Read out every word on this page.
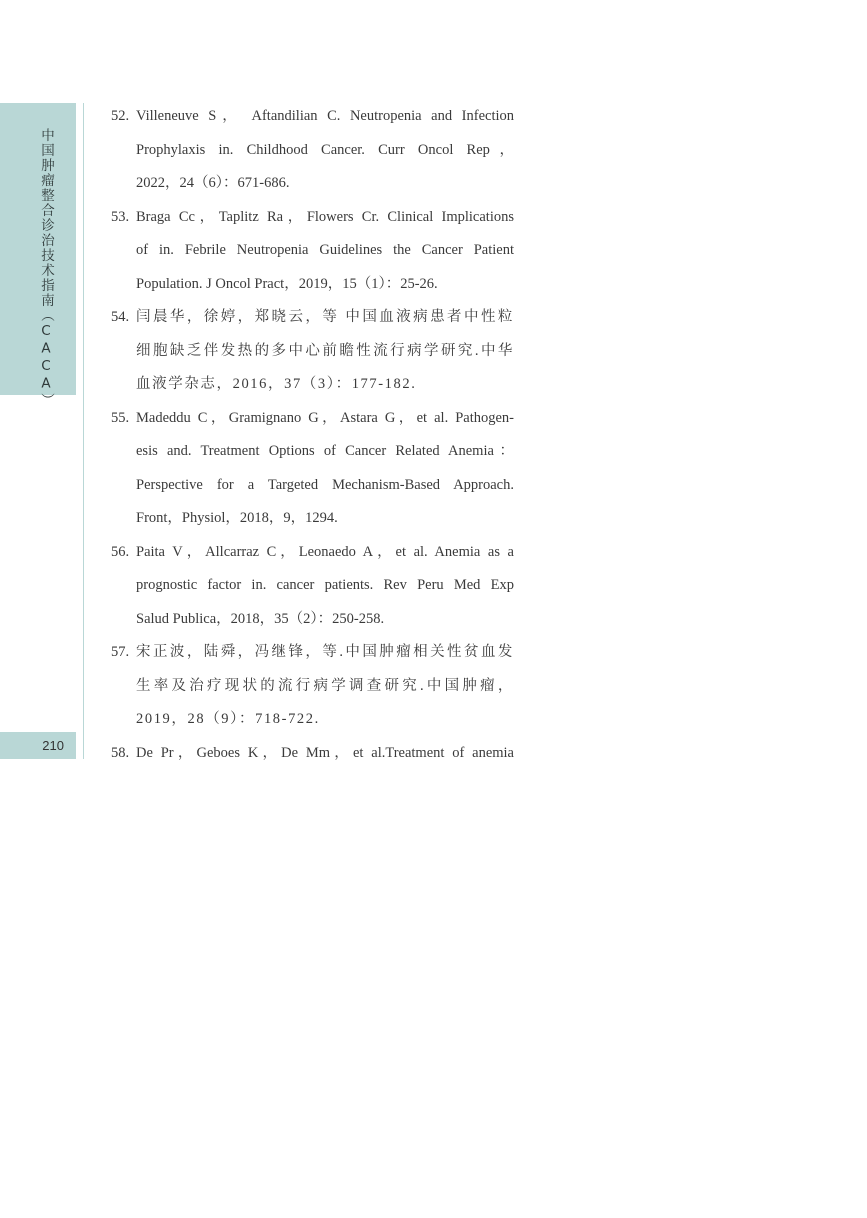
中国肿瘤整合诊治技术指南（CACA）
210
52. Villeneuve S， Aftandilian C. Neutropenia and Infection
Prophylaxis in. Childhood Cancer. Curr Oncol Rep，
2022，24（6）：671-686.
53. Braga Cc，Taplitz Ra，Flowers Cr. Clinical Implications
of in. Febrile Neutropenia Guidelines the Cancer Patient
Population. J Oncol Pract，2019，15（1）：25-26.
54. 闫晨华，徐婷，郑晓云，等 中国血液病患者中性粒
细胞缺乏伴发热的多中心前瞻性流行病学研究.中华
血液学杂志，2016，37（3）：177-182.
55. Madeddu C，Gramignano G，Astara G，et al. Pathogen-
esis and. Treatment Options of Cancer Related Anemia：
Perspective for a Targeted Mechanism-Based Approach.
Front，Physiol，2018，9，1294.
56. Paita V，Allcarraz C，Leonaedo A，et al. Anemia as a
prognostic factor in. cancer patients. Rev Peru Med Exp
Salud Publica，2018，35（2）：250-258.
57. 宋正波，陆舜，冯继锋，等.中国肿瘤相关性贫血发
生率及治疗现状的流行病学调查研究.中国肿瘤，
2019，28（9）：718-722.
58. De Pr，Geboes K，De Mm，et al.Treatment of anemia
